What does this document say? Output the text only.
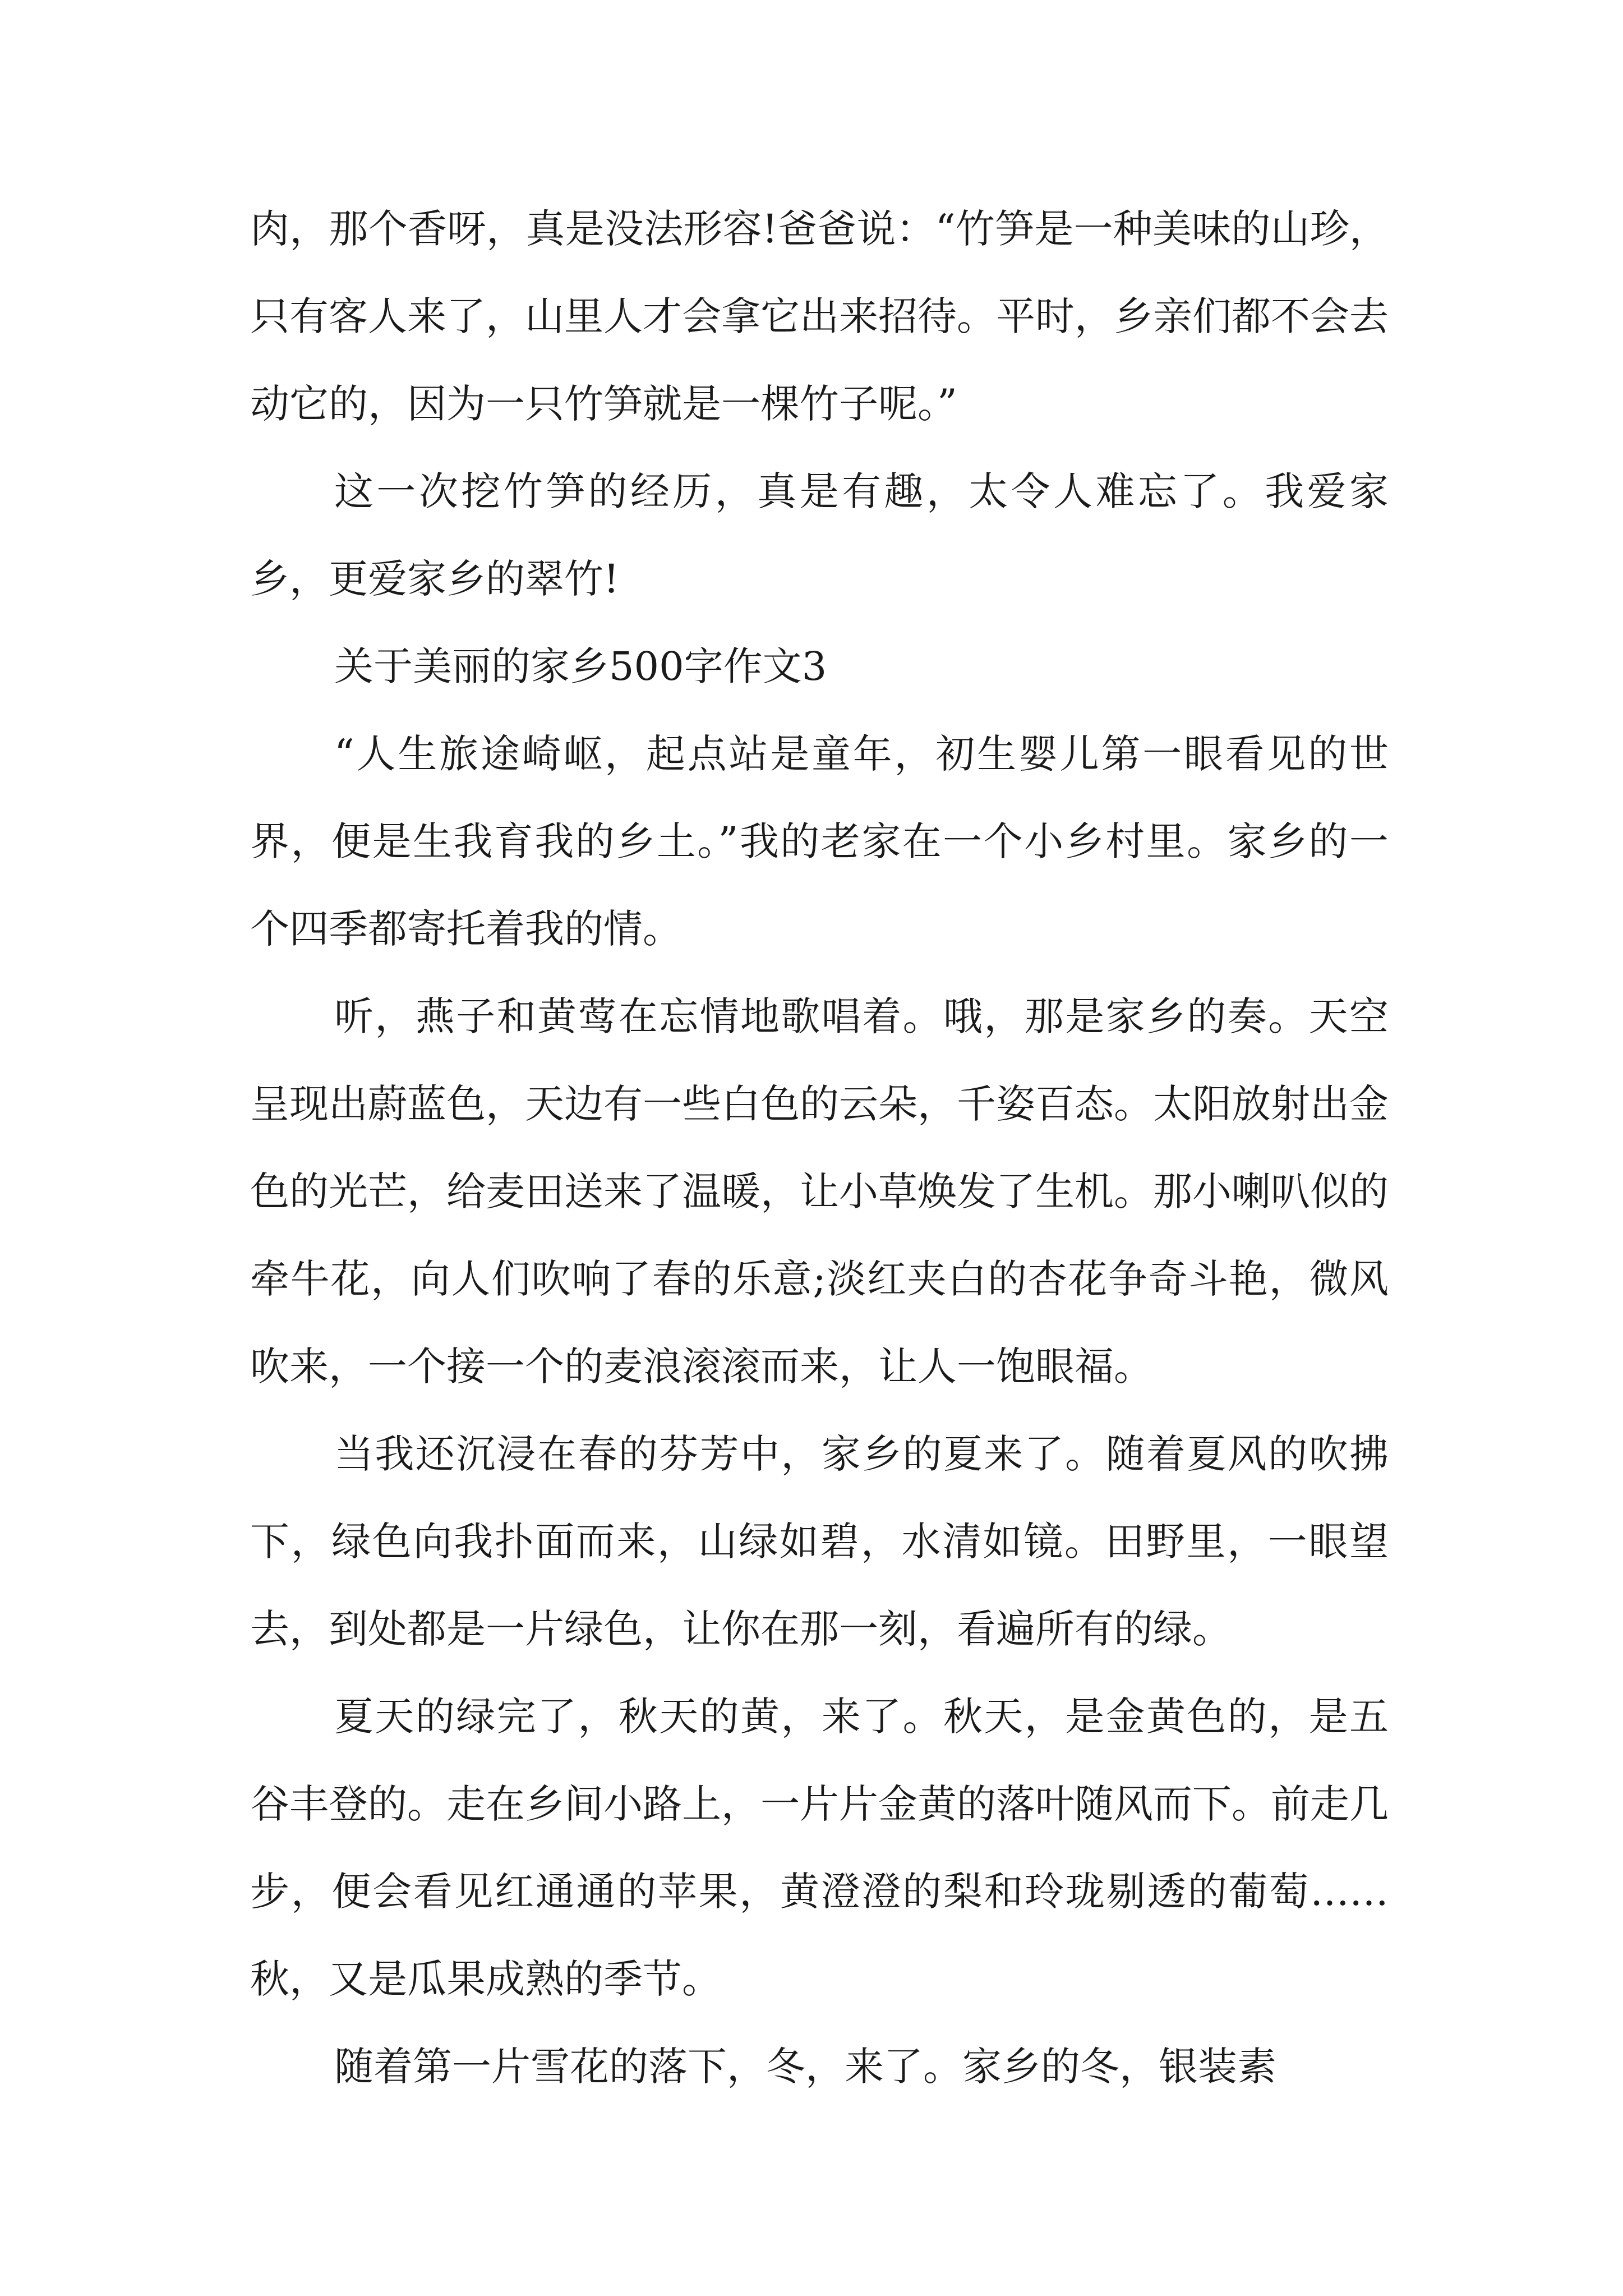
肉，那个香呀，真是没法形容!爸爸说：“竹笋是一种美味的山珍，只有客人来了，山里人才会拿它出来招待。平时，乡亲们都不会去动它的，因为一只竹笋就是一棵竹子呢。”

这一次挖竹笋的经历，真是有趣，太令人难忘了。我爱家乡，更爱家乡的翠竹!

关于美丽的家乡500字作文3

“人生旅途崎岖，起点站是童年，初生婴儿第一眼看见的世界，便是生我育我的乡土。”我的老家在一个小乡村里。家乡的一个四季都寄托着我的情。

听，燕子和黄莺在忘情地歌唱着。哦，那是家乡的奏。天空呈现出蔚蓝色，天边有一些白色的云朵，千姿百态。太阳放射出金色的光芒，给麦田送来了温暖，让小草焕发了生机。那小喇叭似的牵牛花，向人们吹响了春的乐意;淡红夹白的杏花争奇斗艳，微风吹来，一个接一个的麦浪滚滚而来，让人一饱眼福。

当我还沉浸在春的芬芳中，家乡的夏来了。随着夏风的吹拂下，绿色向我扑面而来，山绿如碧，水清如镜。田野里，一眼望去，到处都是一片绿色，让你在那一刻，看遍所有的绿。

夏天的绿完了，秋天的黄，来了。秋天，是金黄色的，是五谷丰登的。走在乡间小路上，一片片金黄的落叶随风而下。前走几步，便会看见红通通的苹果，黄澄澄的梨和玲珑剔透的葡萄……秋，又是瓜果成熟的季节。

随着第一片雪花的落下，冬，来了。家乡的冬，银装素
